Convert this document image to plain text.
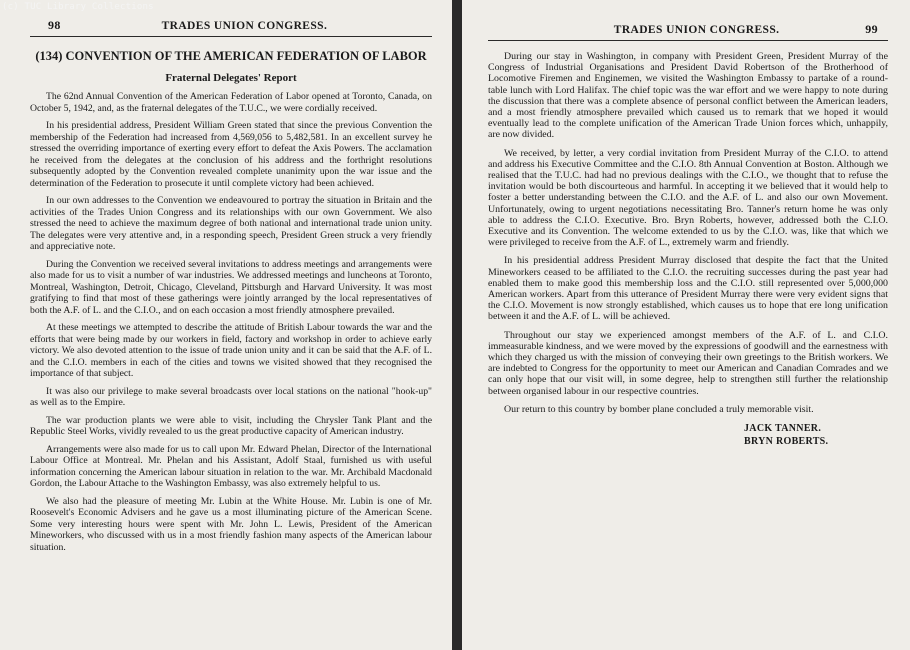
(c) TUC Library Collections
98	TRADES UNION CONGRESS.
(134) CONVENTION OF THE AMERICAN FEDERATION OF LABOR
Fraternal Delegates' Report

The 62nd Annual Convention of the American Federation of Labor opened at Toronto, Canada, on October 5, 1942, and, as the fraternal delegates of the T.U.C., we were cordially received.

In his presidential address, President William Green stated that since the previous Convention the membership of the Federation had increased from 4,569,056 to 5,482,581. In an excellent survey he stressed the overriding importance of exerting every effort to defeat the Axis Powers. The acclamation he received from the delegates at the conclusion of his address and the forthright resolutions subsequently adopted by the Convention revealed complete unanimity upon the war issue and the determination of the Federation to prosecute it until complete victory had been achieved.

In our own addresses to the Convention we endeavoured to portray the situation in Britain and the activities of the Trades Union Congress and its relationships with our own Government. We also stressed the need to achieve the maximum degree of both national and international trade union unity. The delegates were very attentive and, in a responding speech, President Green struck a very friendly and appreciative note.

During the Convention we received several invitations to address meetings and arrangements were also made for us to visit a number of war industries. We addressed meetings and luncheons at Toronto, Montreal, Washington, Detroit, Chicago, Cleveland, Pittsburgh and Harvard University. It was most gratifying to find that most of these gatherings were jointly arranged by the local representatives of both the A.F. of L. and the C.I.O., and on each occasion a most friendly atmosphere prevailed.

At these meetings we attempted to describe the attitude of British Labour towards the war and the efforts that were being made by our workers in field, factory and workshop in order to achieve early victory. We also devoted attention to the issue of trade union unity and it can be said that the A.F. of L. and the C.I.O. members in each of the cities and towns we visited showed that they recognised the importance of that subject.

It was also our privilege to make several broadcasts over local stations on the national "hook-up" as well as to the Empire.

The war production plants we were able to visit, including the Chrysler Tank Plant and the Republic Steel Works, vividly revealed to us the great productive capacity of American industry.

Arrangements were also made for us to call upon Mr. Edward Phelan, Director of the International Labour Office at Montreal. Mr. Phelan and his Assistant, Adolf Staal, furnished us with useful information concerning the American labour situation in relation to the war. Mr. Archibald Macdonald Gordon, the Labour Attache to the Washington Embassy, was also extremely helpful to us.

We also had the pleasure of meeting Mr. Lubin at the White House. Mr. Lubin is one of Mr. Roosevelt's Economic Advisers and he gave us a most illuminating picture of the American Scene. Some very interesting hours were spent with Mr. John L. Lewis, President of the American Mineworkers, who discussed with us in a most friendly fashion many aspects of the American labour situation.

TRADES UNION CONGRESS.	99

During our stay in Washington, in company with President Green, President Murray of the Congress of Industrial Organisations and President David Robertson of the Brotherhood of Locomotive Firemen and Enginemen, we visited the Washington Embassy to partake of a round-table lunch with Lord Halifax. The chief topic was the war effort and we were happy to note during the discussion that there was a complete absence of personal conflict between the American leaders, and a most friendly atmosphere prevailed which caused us to remark that we hoped it would eventually lead to the complete unification of the American Trade Union forces which, unhappily, are now divided.

We received, by letter, a very cordial invitation from President Murray of the C.I.O. to attend and address his Executive Committee and the C.I.O. 8th Annual Convention at Boston. Although we realised that the T.U.C. had had no previous dealings with the C.I.O., we thought that to refuse the invitation would be both discourteous and harmful. In accepting it we believed that it would help to foster a better understanding between the C.I.O. and the A.F. of L. and also our own Movement. Unfortunately, owing to urgent negotiations necessitating Bro. Tanner's return home he was only able to address the C.I.O. Executive. Bro. Bryn Roberts, however, addressed both the C.I.O. Executive and its Convention. The welcome extended to us by the C.I.O. was, like that which we were privileged to receive from the A.F. of L., extremely warm and friendly.

In his presidential address President Murray disclosed that despite the fact that the United Mineworkers ceased to be affiliated to the C.I.O. the recruiting successes during the past year had enabled them to make good this membership loss and the C.I.O. still represented over 5,000,000 American workers. Apart from this utterance of President Murray there were very evident signs that the C.I.O. Movement is now strongly established, which causes us to hope that ere long unification between it and the A.F. of L. will be achieved.

Throughout our stay we experienced amongst members of the A.F. of L. and C.I.O. immeasurable kindness, and we were moved by the expressions of goodwill and the earnestness with which they charged us with the mission of conveying their own greetings to the British workers. We are indebted to Congress for the opportunity to meet our American and Canadian Comrades and we can only hope that our visit will, in some degree, help to strengthen still further the relationship between organised labour in our respective countries.

Our return to this country by bomber plane concluded a truly memorable visit.

JACK TANNER.
BRYN ROBERTS.
